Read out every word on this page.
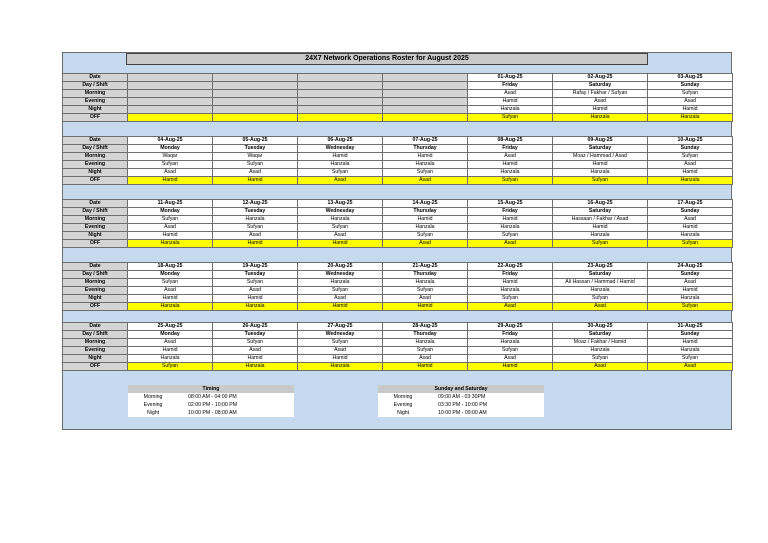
24X7 Network Operations Roster for August 2025
Date					01-Aug-25	02-Aug-25	03-Aug-25
Day / Shift					Friday	Saturday	Sunday
Morning					Asad	Rafay / Fakhar / Sufyan	Sufyan
Evening					Hamid	Asad	Asad
Night					Hanzala	Hamid	Hamid
OFF					Sufyan	Hanzala	Hanzala
Date	04-Aug-25	05-Aug-25	06-Aug-25	07-Aug-25	08-Aug-25	09-Aug-25	10-Aug-25
Day / Shift	Monday	Tuesday	Wednesday	Thursday	Friday	Saturday	Sunday
Morning	Waqar	Waqar	Hamid	Hamid	Asad	Moaz / Hammad / Asad	Sufyan
Evening	Sufyan	Sufyan	Hanzala	Hanzala	Hamid	Hamid	Asad
Night	Asad	Asad	Sufyan	Sufyan	Hanzala	Hanzala	Hamid
OFF	Hamid	Hamid	Asad	Asad	Sufyan	Sufyan	Hanzala
Date	11-Aug-25	12-Aug-25	13-Aug-25	14-Aug-25	15-Aug-25	16-Aug-25	17-Aug-25
Day / Shift	Monday	Tuesday	Wednesday	Thursday	Friday	Saturday	Sunday
Morning	Sufyan	Hanzala	Hanzala	Hamid	Hamid	Hassaan / Fakhar / Asad	Asad
Evening	Asad	Sufyan	Sufyan	Hanzala	Hanzala	Hamid	Hamid
Night	Hamid	Asad	Asad	Sufyan	Sufyan	Hanzala	Hanzala
OFF	Hanzala	Hamid	Hamid	Asad	Asad	Sufyan	Sufyan
Date	18-Aug-25	19-Aug-25	20-Aug-25	21-Aug-25	22-Aug-25	23-Aug-25	24-Aug-25
Day / Shift	Monday	Tuesday	Wednesday	Thursday	Friday	Saturday	Sunday
Morning	Sufyan	Sufyan	Hanzala	Hanzala	Hamid	Ali Hassan / Hammad / Hamid	Asad
Evening	Asad	Asad	Sufyan	Sufyan	Hanzala	Hanzala	Hamid
Night	Hamid	Hamid	Asad	Asad	Sufyan	Sufyan	Hanzala
OFF	Hanzala	Hanzala	Hamid	Hamid	Asad	Asad	Sufyan
Date	25-Aug-25	26-Aug-25	27-Aug-25	28-Aug-25	29-Aug-25	30-Aug-25	31-Aug-25
Day / Shift	Monday	Tuesday	Wednesday	Thursday	Friday	Saturday	Sunday
Morning	Asad	Sufyan	Sufyan	Hanzala	Hanzala	Moaz / Fakhar / Hamid	Hamid
Evening	Hamid	Asad	Asad	Sufyan	Sufyan	Hanzala	Hanzala
Night	Hanzala	Hamid	Hamid	Asad	Asad	Sufyan	Sufyan
OFF	Sufyan	Hanzala	Hanzala	Hamid	Hamid	Asad	Asad
Timing
Morning	08:00 AM - 04:00 PM
Evening	02:00 PM - 10:00 PM
Night	10:00 PM - 08:00 AM
Sunday and Saturday
Morning	09:00 AM - 03:30PM
Evening	03:30 PM - 10:00 PM
Night	10:00 PM - 09:00 AM
